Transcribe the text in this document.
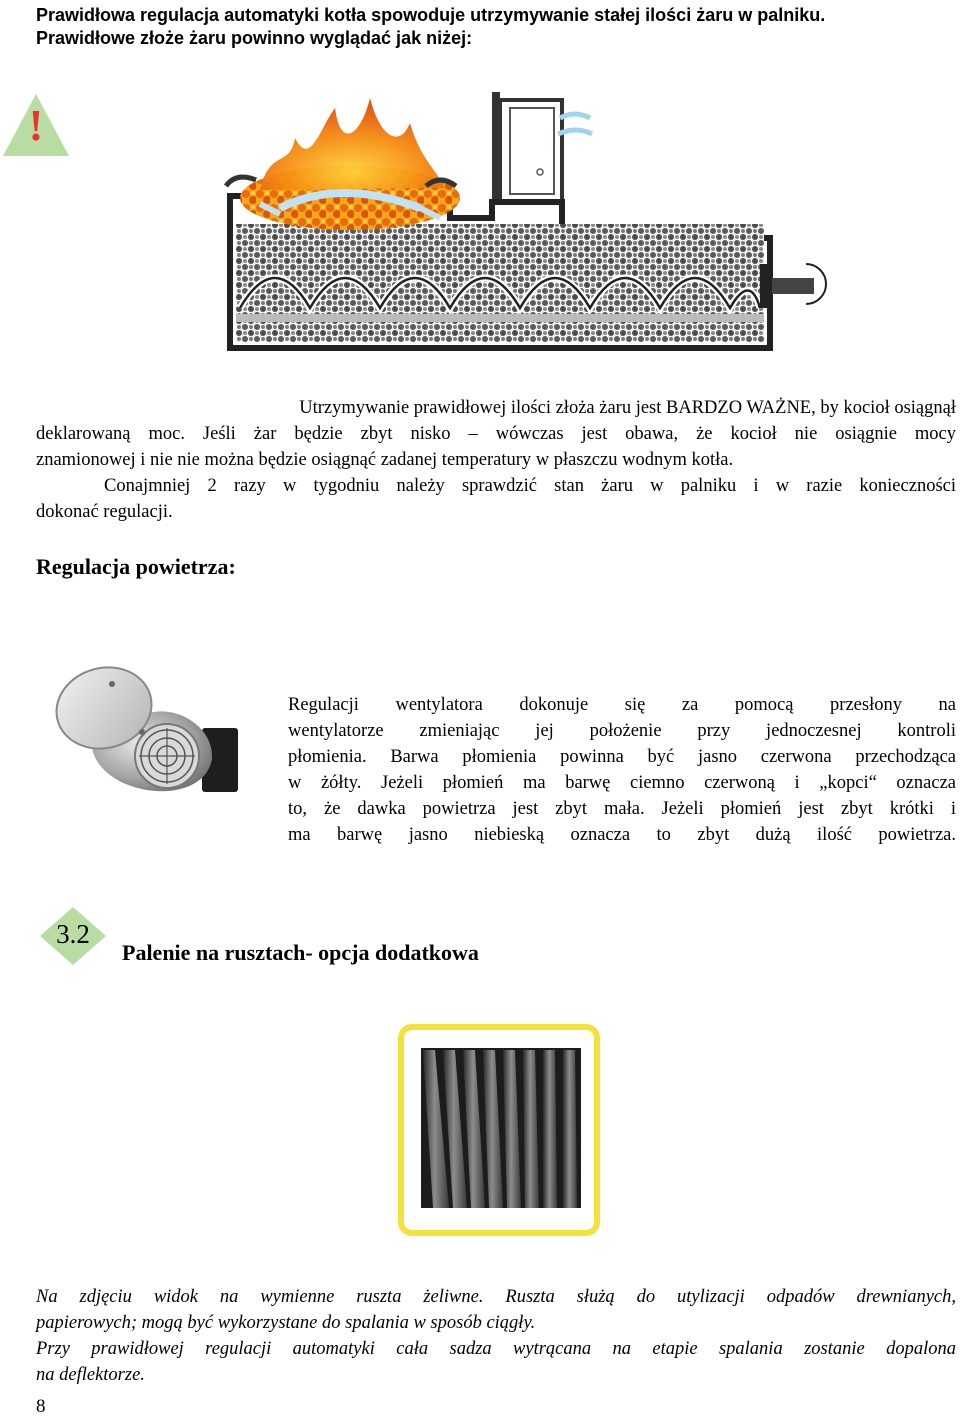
Prawidłowa regulacja automatyki kotła spowoduje utrzymywanie stałej ilości żaru w palniku.
Prawidłowe złoże żaru powinno wyglądać jak niżej:
!
Utrzymywanie prawidłowej ilości złoża żaru jest BARDZO WAŻNE, by kocioł osiągnął
deklarowaną moc. Jeśli żar będzie zbyt nisko – wówczas jest obawa, że kocioł nie osiągnie mocy
znamionowej i nie nie można będzie osiągnąć zadanej temperatury w płaszczu wodnym kotła.
Conajmniej 2 razy w tygodniu należy sprawdzić stan żaru w palniku i w razie konieczności
dokonać regulacji.
Regulacja powietrza:
Regulacji wentylatora dokonuje się za pomocą przesłony na
wentylatorze zmieniając jej położenie przy jednoczesnej kontroli
płomienia. Barwa płomienia powinna być jasno czerwona przechodząca
w żółty. Jeżeli płomień ma barwę ciemno czerwoną i „kopci“ oznacza
to, że dawka powietrza jest zbyt mała. Jeżeli płomień jest zbyt krótki i
ma barwę jasno niebieską oznacza to zbyt dużą ilość powietrza.
3.2
Palenie na rusztach- opcja dodatkowa
Na zdjęciu widok na wymienne ruszta żeliwne. Ruszta służą do utylizacji odpadów drewnianych,
papierowych; mogą być wykorzystane do spalania w sposób ciągły.
Przy prawidłowej regulacji automatyki cała sadza wytrącana na etapie spalania zostanie dopalona
na deflektorze.
8
